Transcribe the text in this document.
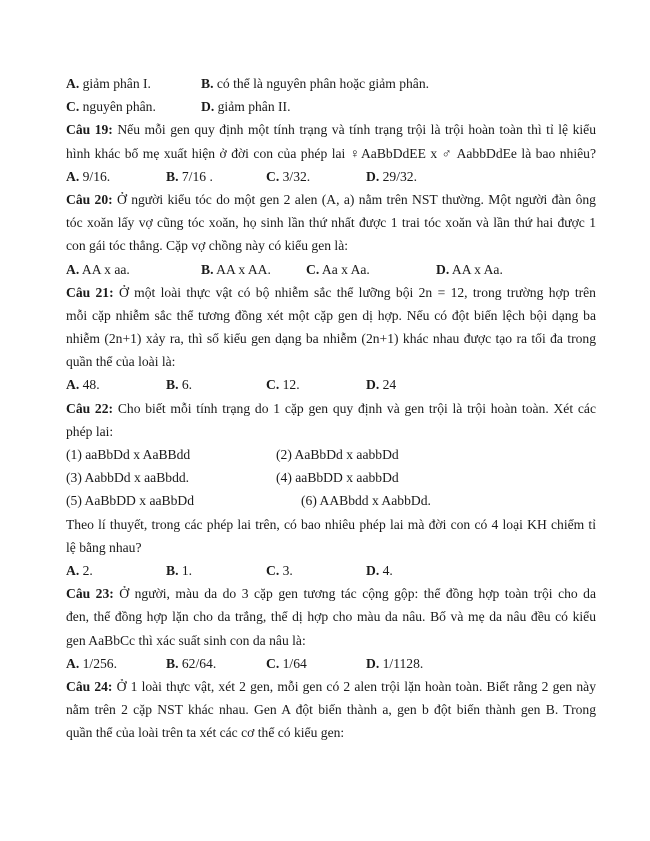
A. giảm phân I.	B. có thể là nguyên phân hoặc giảm phân.
C. nguyên phân.	D. giảm phân II.
Câu 19: Nếu mỗi gen quy định một tính trạng và tính trạng trội là trội hoàn toàn thì tỉ lệ kiểu
hình khác bố mẹ xuất hiện ở đời con của phép lai ♀AaBbDdEE x ♂ AabbDdEe là bao nhiêu?
A. 9/16.	B. 7/16 .	C. 3/32.	D. 29/32.
Câu 20: Ở người kiểu tóc do một gen 2 alen (A, a) nằm trên NST thường. Một người đàn ông
tóc xoăn lấy vợ cũng tóc xoăn, họ sinh lần thứ nhất được 1 trai tóc xoăn và lần thứ hai được 1
con gái tóc thẳng. Cặp vợ chồng này có kiểu gen là:
A. AA x aa.	B. AA x AA.	C. Aa x Aa.	D. AA x Aa.
Câu 21: Ở một loài thực vật có bộ nhiễm sắc thể lưỡng bội 2n = 12, trong trường hợp trên
mỗi cặp nhiễm sắc thể tương đồng xét một cặp gen dị hợp. Nếu có đột biến lệch bội dạng ba
nhiễm (2n+1) xảy ra, thì số kiểu gen dạng ba nhiễm (2n+1) khác nhau được tạo ra tối đa trong
quần thể của loài là:
A. 48.	B. 6.	C. 12.	D. 24
Câu 22: Cho biết mỗi tính trạng do 1 cặp gen quy định và gen trội là trội hoàn toàn. Xét các
phép lai:
(1) aaBbDd x AaBBdd	(2) AaBbDd x aabbDd
(3) AabbDd x aaBbdd.	(4) aaBbDD x aabbDd
(5) AaBbDD x aaBbDd	(6) AABbdd x AabbDd.
Theo lí thuyết, trong các phép lai trên, có bao nhiêu phép lai mà đời con có 4 loại KH chiếm tỉ
lệ bằng nhau?
A. 2.	B. 1.	C. 3.	D. 4.
Câu 23: Ở người, màu da do 3 cặp gen tương tác cộng gộp: thể đồng hợp toàn trội cho da
đen, thể đồng hợp lặn cho da trắng, thể dị hợp cho màu da nâu. Bố và mẹ da nâu đều có kiểu
gen AaBbCc thì xác suất sinh con da nâu là:
A. 1/256.	B. 62/64.	C. 1/64	D. 1/1128.
Câu 24: Ở 1 loài thực vật, xét 2 gen, mỗi gen có 2 alen trội lặn hoàn toàn. Biết rằng 2 gen này
nằm trên 2 cặp NST khác nhau. Gen A đột biến thành a, gen b đột biến thành gen B. Trong
quần thể của loài trên ta xét các cơ thể có kiểu gen:
